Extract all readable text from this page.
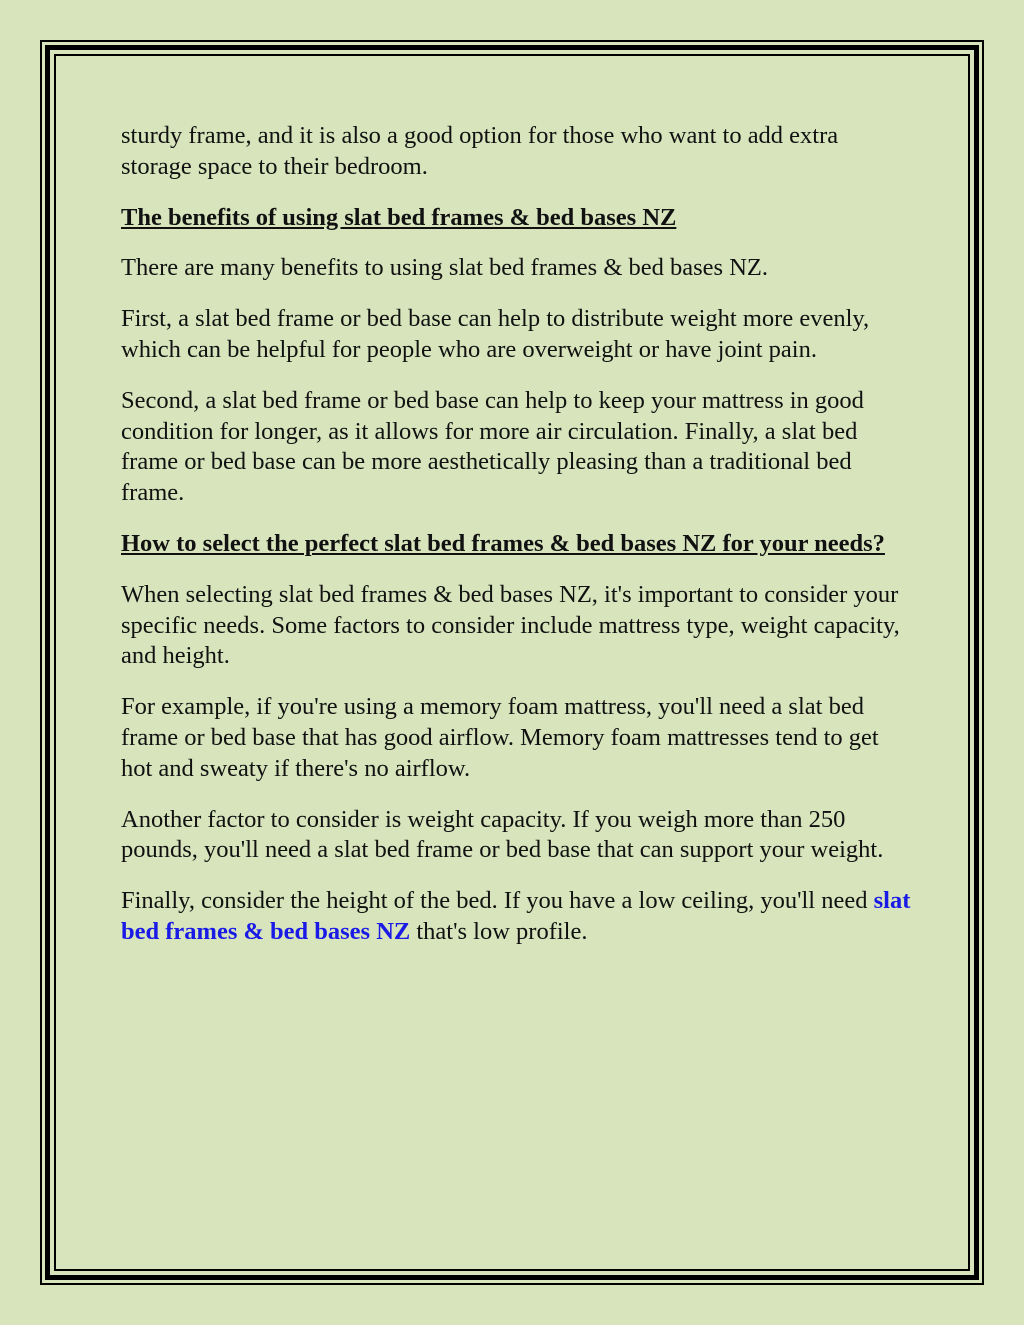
sturdy frame, and it is also a good option for those who want to add extra storage space to their bedroom.

The benefits of using slat bed frames & bed bases NZ

There are many benefits to using slat bed frames & bed bases NZ.

First, a slat bed frame or bed base can help to distribute weight more evenly, which can be helpful for people who are overweight or have joint pain.

Second, a slat bed frame or bed base can help to keep your mattress in good condition for longer, as it allows for more air circulation. Finally, a slat bed frame or bed base can be more aesthetically pleasing than a traditional bed frame.

How to select the perfect slat bed frames & bed bases NZ for your needs?

When selecting slat bed frames & bed bases NZ, it's important to consider your specific needs. Some factors to consider include mattress type, weight capacity, and height.

For example, if you're using a memory foam mattress, you'll need a slat bed frame or bed base that has good airflow. Memory foam mattresses tend to get hot and sweaty if there's no airflow.

Another factor to consider is weight capacity. If you weigh more than 250 pounds, you'll need a slat bed frame or bed base that can support your weight.

Finally, consider the height of the bed. If you have a low ceiling, you'll need slat bed frames & bed bases NZ that's low profile.
